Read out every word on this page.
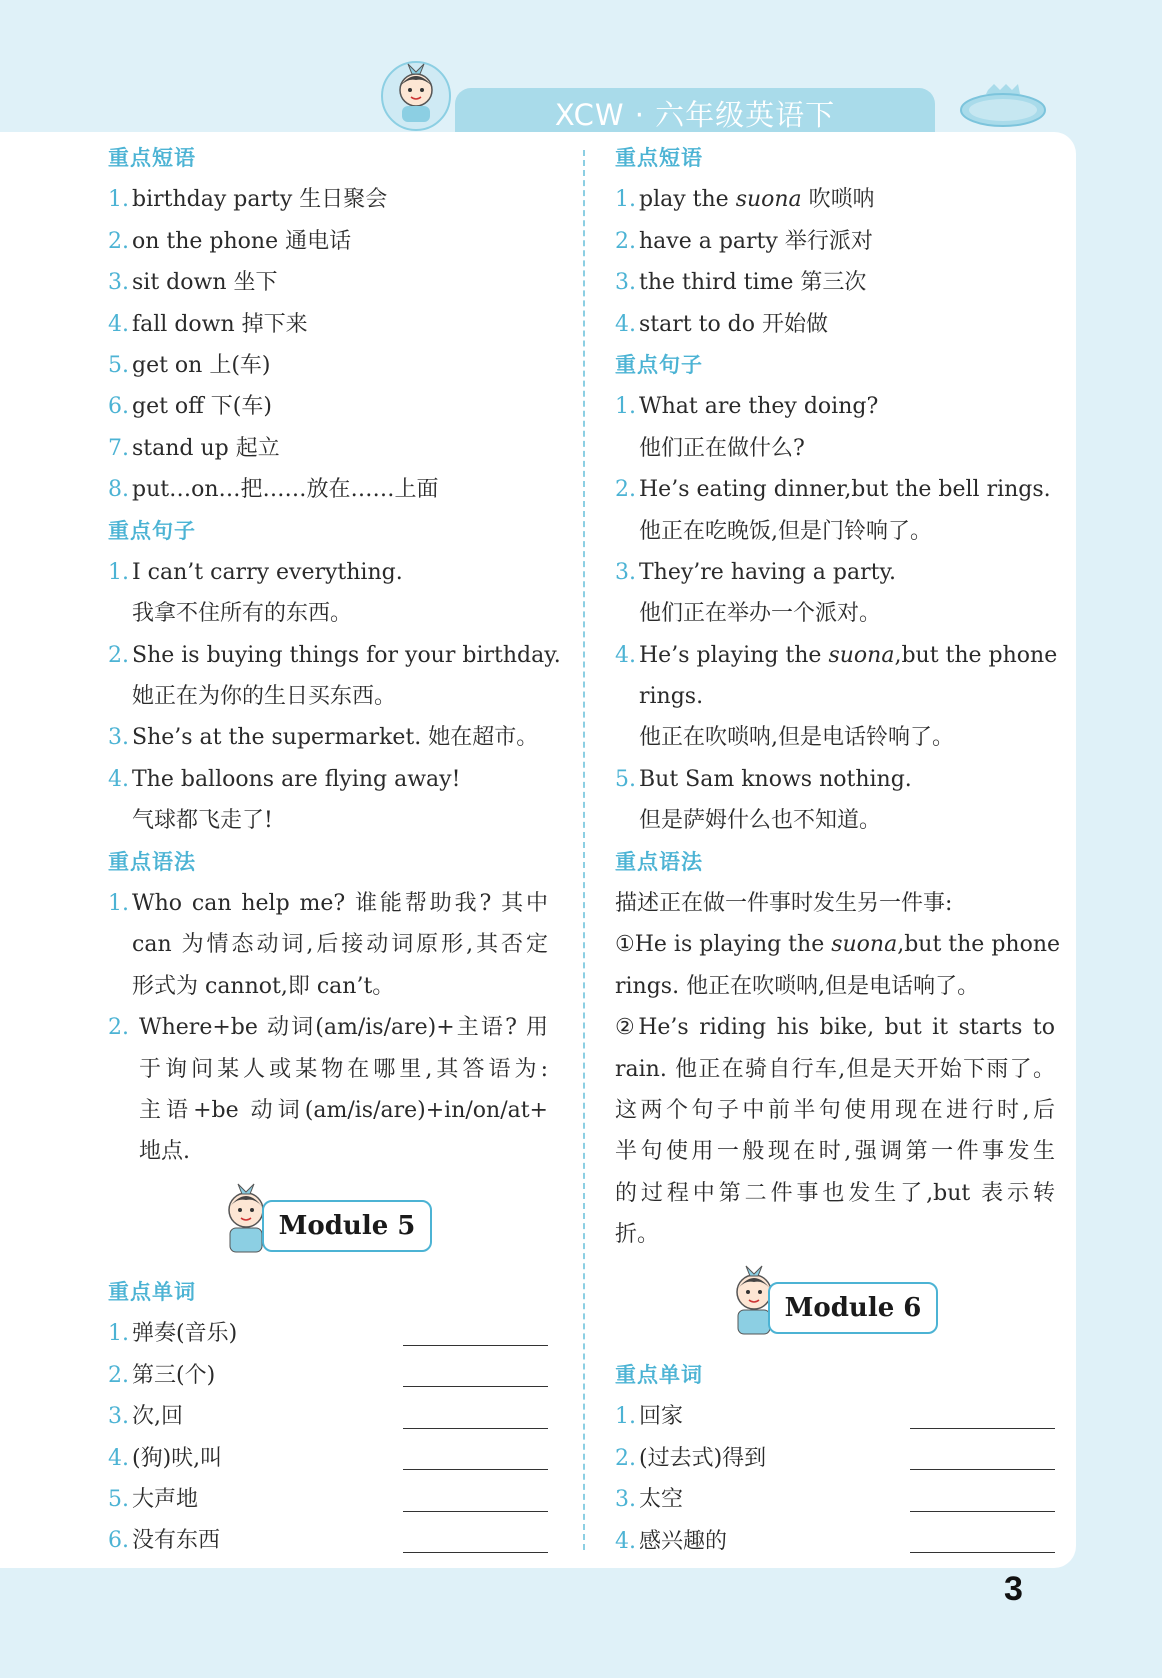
XCW · 六年级英语下
重点短语
1. birthday party 生日聚会
2. on the phone 通电话
3. sit down 坐下
4. fall down 掉下来
5. get on 上(车)
6. get off 下(车)
7. stand up 起立
8. put…on…把……放在……上面
重点句子
1. I can’t carry everything.
我拿不住所有的东西。
2. She is buying things for your birthday.
她正在为你的生日买东西。
3. She’s at the supermarket. 她在超市。
4. The balloons are flying away!
气球都飞走了!
重点语法
1. Who can help me? 谁能帮助我? 其中
can 为情态动词,后接动词原形,其否定
形式为 cannot,即 can’t。
2. Where+be 动词(am/is/are)+主语? 用
于询问某人或某物在哪里,其答语为:
主语+be 动词(am/is/are)+in/on/at+
地点.
Module 5
重点单词
1. 弹奏(音乐)
2. 第三(个)
3. 次,回
4. (狗)吠,叫
5. 大声地
6. 没有东西
重点短语
1. play the suona 吹唢呐
2. have a party 举行派对
3. the third time 第三次
4. start to do 开始做
重点句子
1. What are they doing?
他们正在做什么?
2. He’s eating dinner,but the bell rings.
他正在吃晚饭,但是门铃响了。
3. They’re having a party.
他们正在举办一个派对。
4. He’s playing the suona,but the phone
rings.
他正在吹唢呐,但是电话铃响了。
5. But Sam knows nothing.
但是萨姆什么也不知道。
重点语法
描述正在做一件事时发生另一件事:
①He is playing the suona,but the phone
rings. 他正在吹唢呐,但是电话响了。
②He’s riding his bike, but it starts to
rain. 他正在骑自行车,但是天开始下雨了。
这两个句子中前半句使用现在进行时,后
半句使用一般现在时,强调第一件事发生
的过程中第二件事也发生了,but 表示转
折。
Module 6
重点单词
1. 回家
2. (过去式)得到
3. 太空
4. 感兴趣的
3
